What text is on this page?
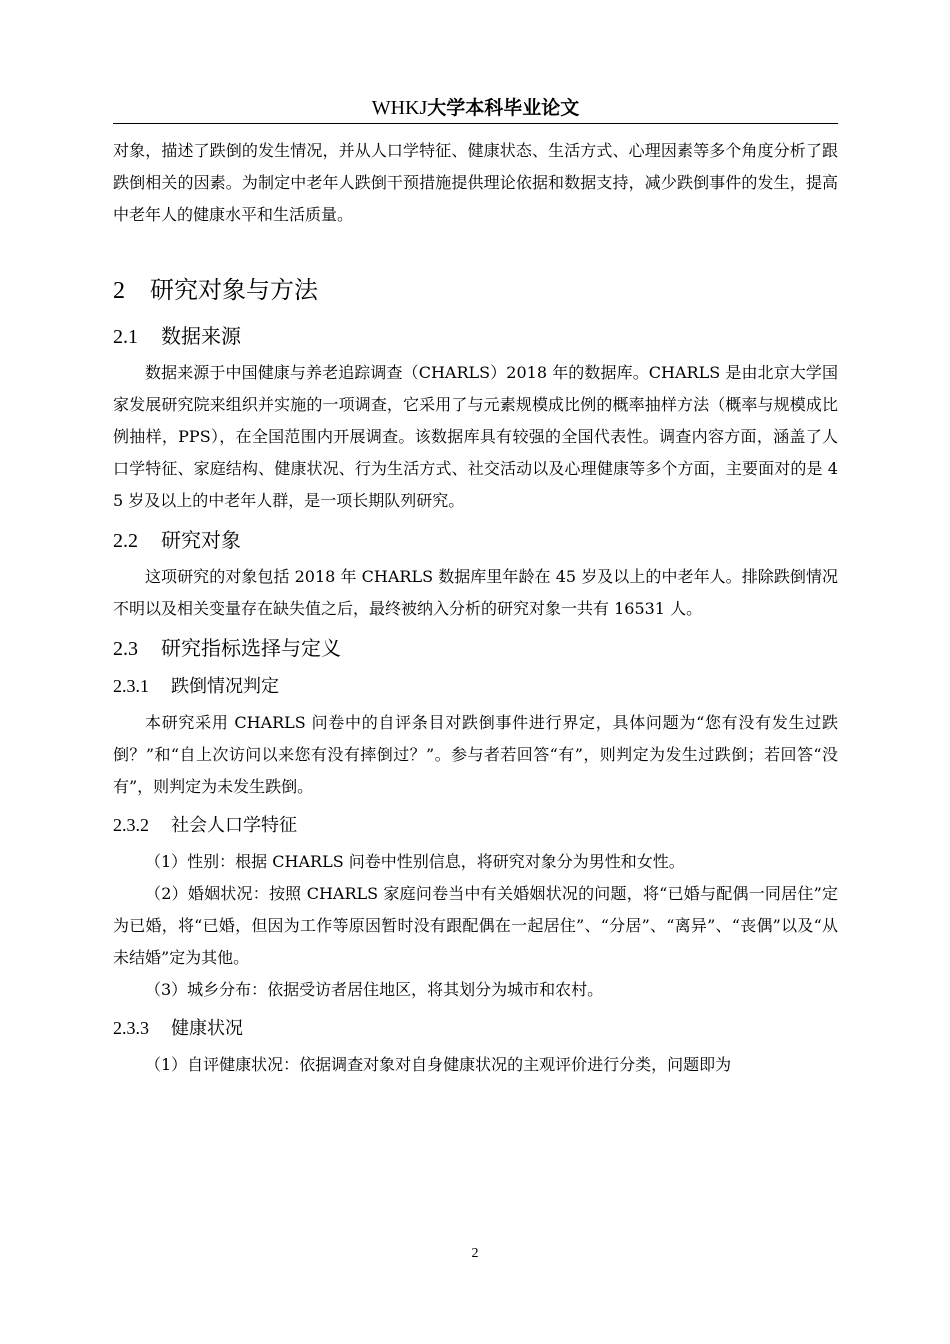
WHKJ大学本科毕业论文

对象，描述了跌倒的发生情况，并从人口学特征、健康状态、生活方式、心理因素等多个角度分析了跟跌倒相关的因素。为制定中老年人跌倒干预措施提供理论依据和数据支持，减少跌倒事件的发生，提高中老年人的健康水平和生活质量。

2 研究对象与方法
2.1 数据来源

数据来源于中国健康与养老追踪调查（CHARLS）2018 年的数据库。CHARLS 是由北京大学国家发展研究院来组织并实施的一项调查，它采用了与元素规模成比例的概率抽样方法（概率与规模成比例抽样，PPS），在全国范围内开展调查。该数据库具有较强的全国代表性。调查内容方面，涵盖了人口学特征、家庭结构、健康状况、行为生活方式、社交活动以及心理健康等多个方面，主要面对的是 45 岁及以上的中老年人群，是一项长期队列研究。

2.2 研究对象

这项研究的对象包括 2018 年 CHARLS 数据库里年龄在 45 岁及以上的中老年人。排除跌倒情况不明以及相关变量存在缺失值之后，最终被纳入分析的研究对象一共有 16531 人。

2.3 研究指标选择与定义
2.3.1 跌倒情况判定

本研究采用 CHARLS 问卷中的自评条目对跌倒事件进行界定，具体问题为“您有没有发生过跌倒？”和“自上次访问以来您有没有摔倒过？”。参与者若回答“有”，则判定为发生过跌倒；若回答“没有”，则判定为未发生跌倒。

2.3.2 社会人口学特征

（1）性别：根据 CHARLS 问卷中性别信息，将研究对象分为男性和女性。

（2）婚姻状况：按照 CHARLS 家庭问卷当中有关婚姻状况的问题，将“已婚与配偶一同居住”定为已婚，将“已婚，但因为工作等原因暂时没有跟配偶在一起居住”、“分居”、“离异”、“丧偶”以及“从未结婚”定为其他。

（3）城乡分布：依据受访者居住地区，将其划分为城市和农村。

2.3.3 健康状况

（1）自评健康状况：依据调查对象对自身健康状况的主观评价进行分类，问题即为

2
